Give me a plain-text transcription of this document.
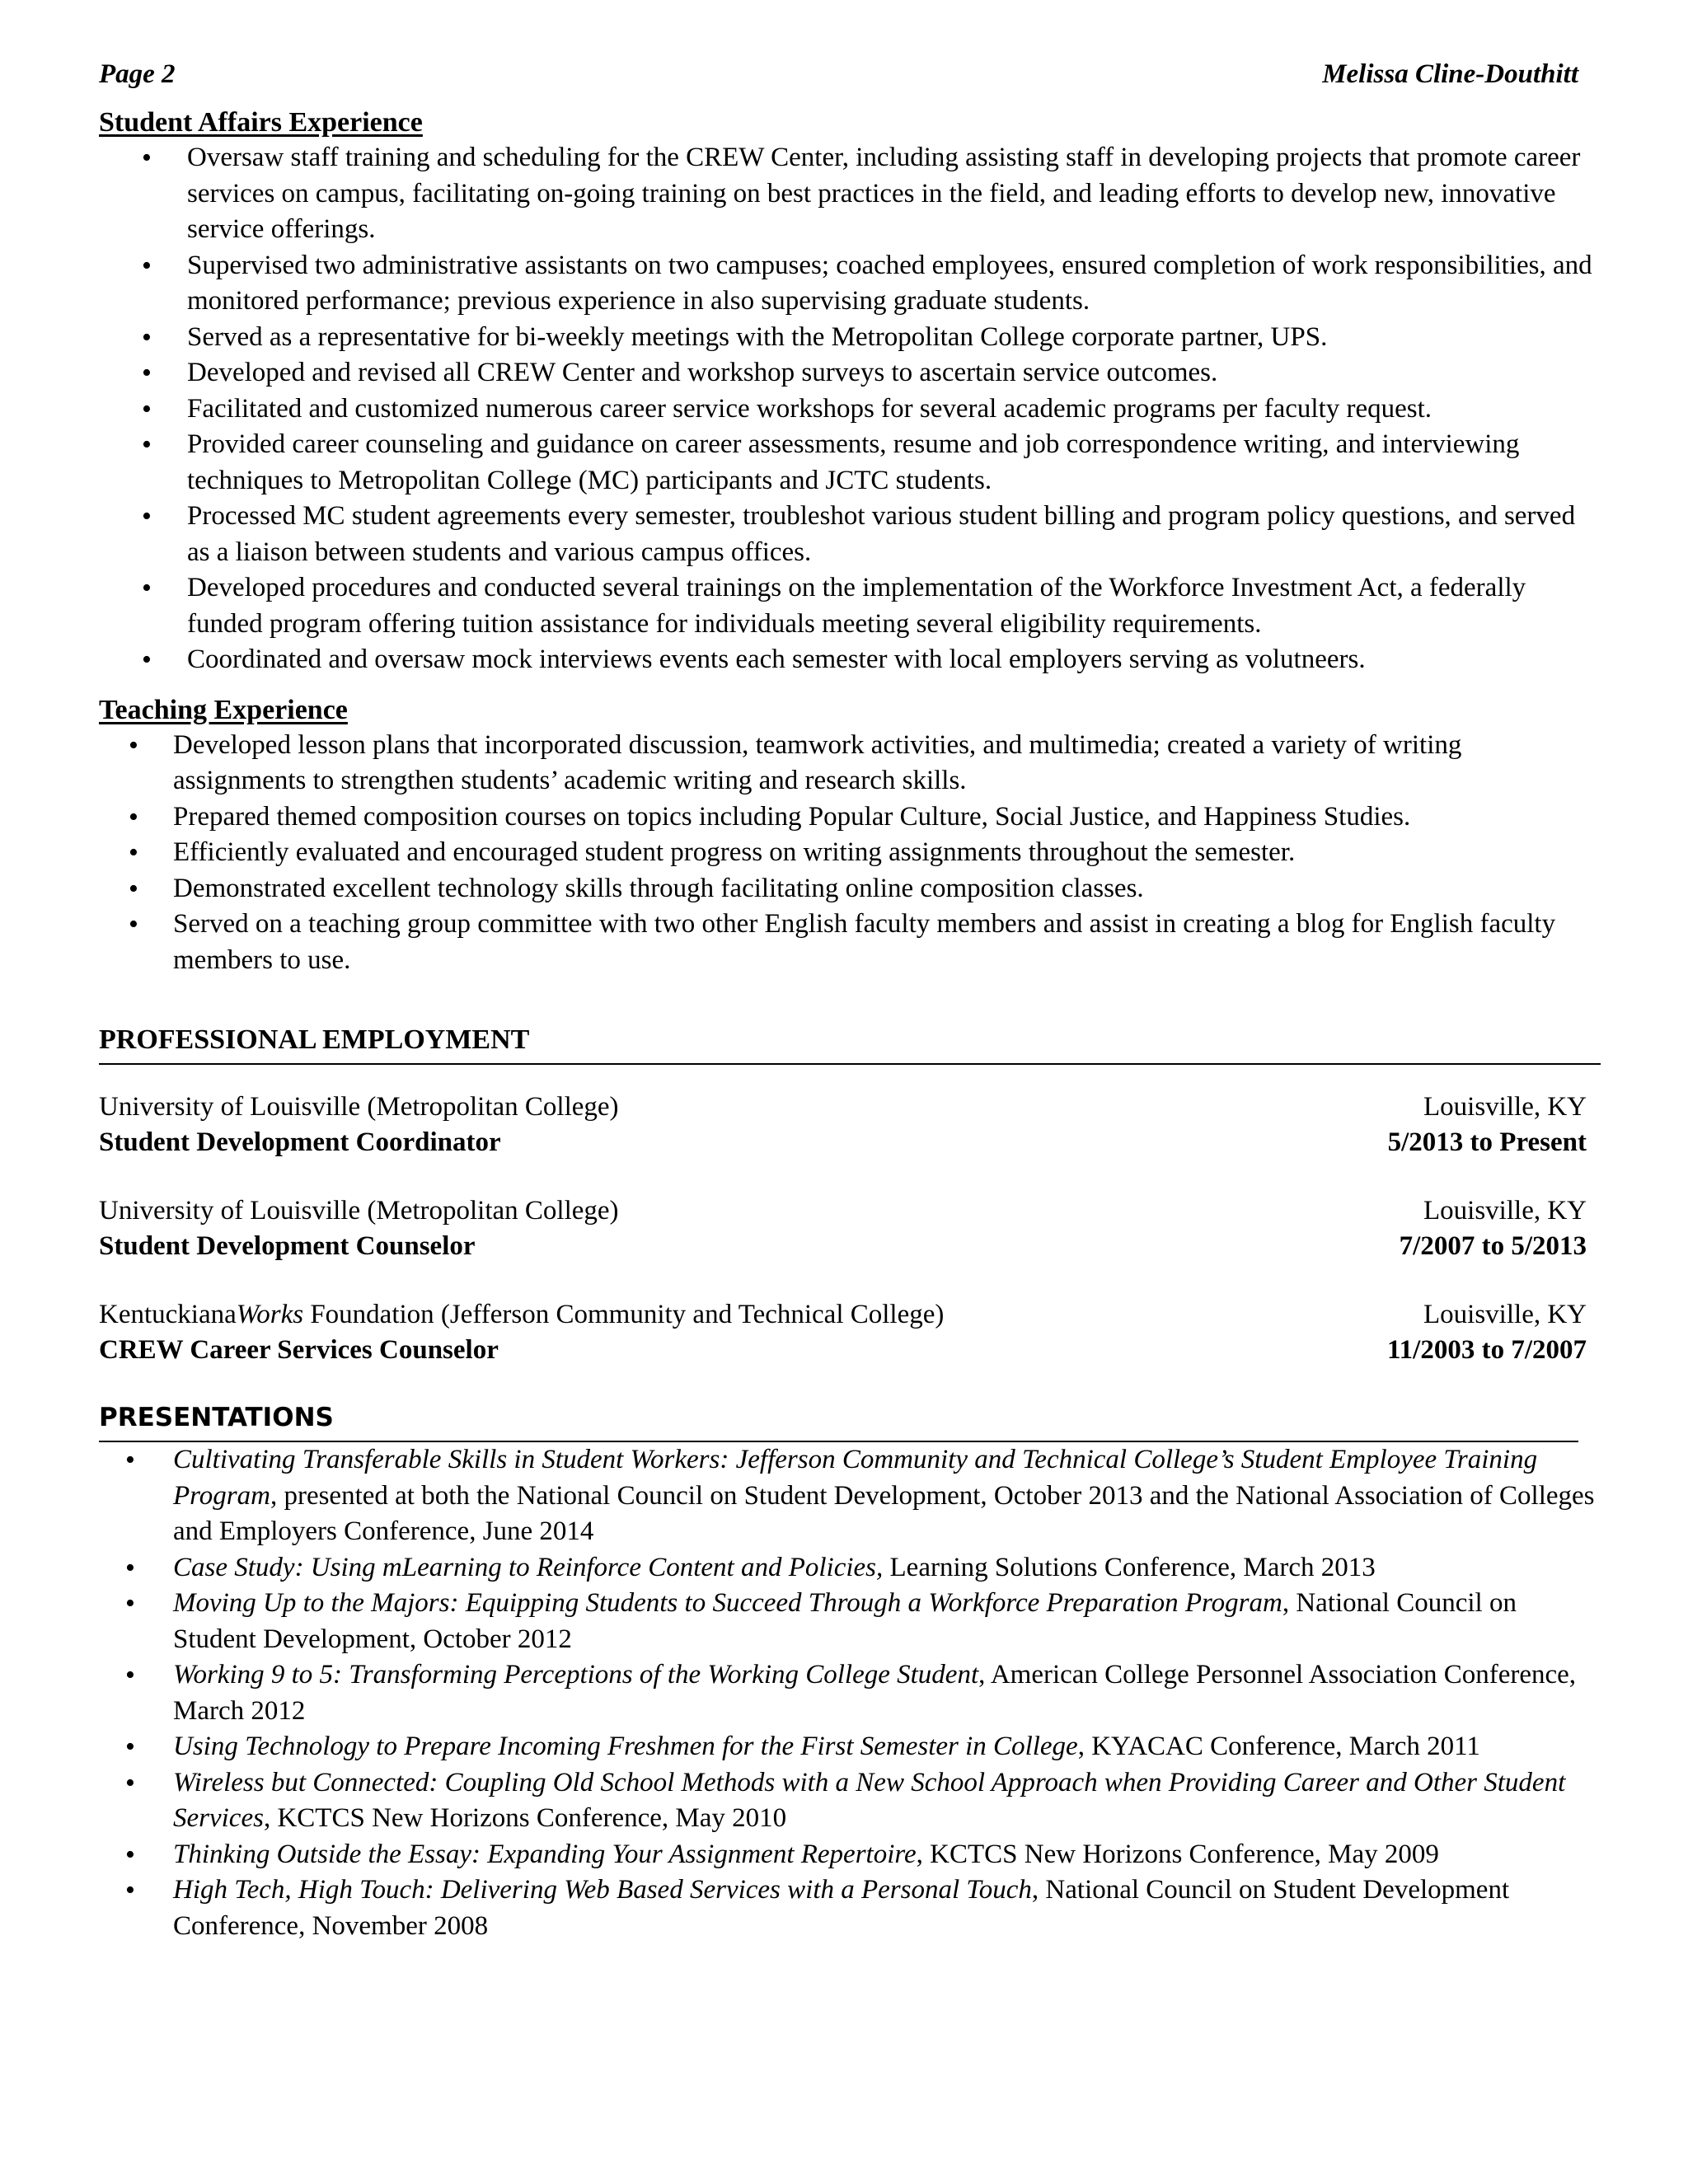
Page 2	Melissa Cline-Douthitt
Student Affairs Experience
• Oversaw staff training and scheduling for the CREW Center, including assisting staff in developing projects that promote career services on campus, facilitating on-going training on best practices in the field, and leading efforts to develop new, innovative service offerings.
• Supervised two administrative assistants on two campuses; coached employees, ensured completion of work responsibilities, and monitored performance; previous experience in also supervising graduate students.
• Served as a representative for bi-weekly meetings with the Metropolitan College corporate partner, UPS.
• Developed and revised all CREW Center and workshop surveys to ascertain service outcomes.
• Facilitated and customized numerous career service workshops for several academic programs per faculty request.
• Provided career counseling and guidance on career assessments, resume and job correspondence writing, and interviewing techniques to Metropolitan College (MC) participants and JCTC students.
• Processed MC student agreements every semester, troubleshot various student billing and program policy questions, and served as a liaison between students and various campus offices.
• Developed procedures and conducted several trainings on the implementation of the Workforce Investment Act, a federally funded program offering tuition assistance for individuals meeting several eligibility requirements.
• Coordinated and oversaw mock interviews events each semester with local employers serving as volutneers.
Teaching Experience
• Developed lesson plans that incorporated discussion, teamwork activities, and multimedia; created a variety of writing assignments to strengthen students’ academic writing and research skills.
• Prepared themed composition courses on topics including Popular Culture, Social Justice, and Happiness Studies.
• Efficiently evaluated and encouraged student progress on writing assignments throughout the semester.
• Demonstrated excellent technology skills through facilitating online composition classes.
• Served on a teaching group committee with two other English faculty members and assist in creating a blog for English faculty members to use.
PROFESSIONAL EMPLOYMENT
University of Louisville (Metropolitan College)	Louisville, KY
Student Development Coordinator	5/2013 to Present
University of Louisville (Metropolitan College)	Louisville, KY
Student Development Counselor	7/2007 to 5/2013
KentuckianaWorks Foundation (Jefferson Community and Technical College)	Louisville, KY
CREW Career Services Counselor	11/2003 to 7/2007
PRESENTATIONS
• Cultivating Transferable Skills in Student Workers: Jefferson Community and Technical College’s Student Employee Training Program, presented at both the National Council on Student Development, October 2013 and the National Association of Colleges and Employers Conference, June 2014
• Case Study: Using mLearning to Reinforce Content and Policies, Learning Solutions Conference, March 2013
• Moving Up to the Majors: Equipping Students to Succeed Through a Workforce Preparation Program, National Council on Student Development, October 2012
• Working 9 to 5: Transforming Perceptions of the Working College Student, American College Personnel Association Conference, March 2012
• Using Technology to Prepare Incoming Freshmen for the First Semester in College, KYACAC Conference, March 2011
• Wireless but Connected: Coupling Old School Methods with a New School Approach when Providing Career and Other Student Services, KCTCS New Horizons Conference, May 2010
• Thinking Outside the Essay: Expanding Your Assignment Repertoire, KCTCS New Horizons Conference, May 2009
• High Tech, High Touch: Delivering Web Based Services with a Personal Touch, National Council on Student Development Conference, November 2008
